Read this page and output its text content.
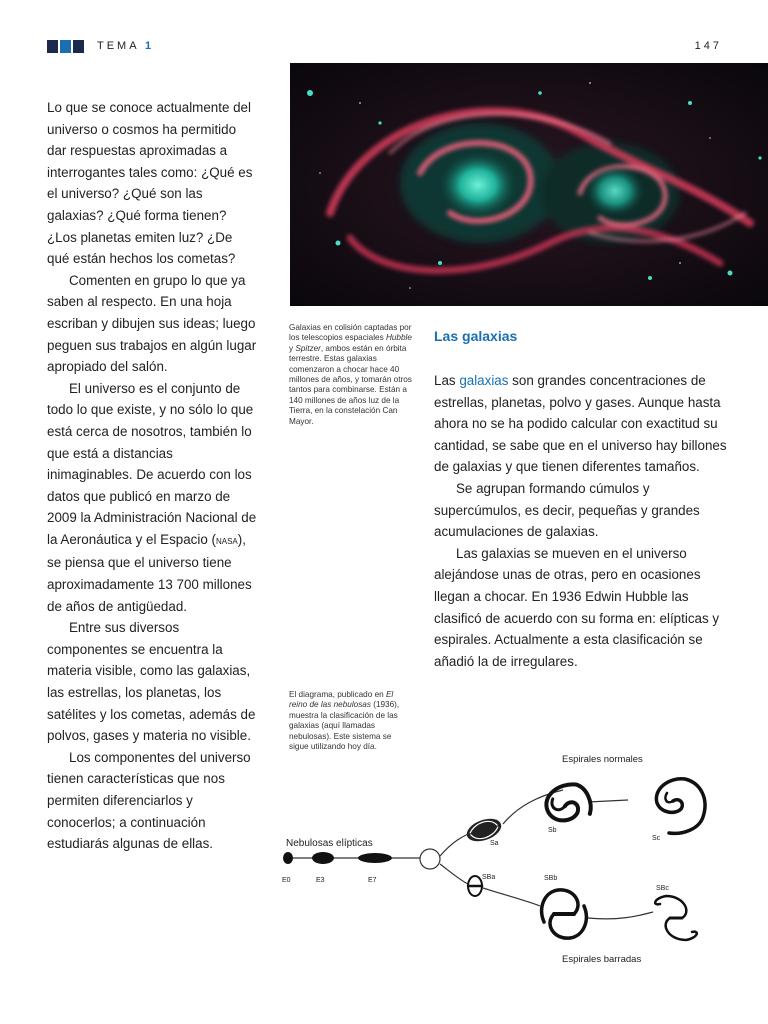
TEMA 1	147

Lo que se conoce actualmente del universo o cosmos ha permitido dar respuestas aproximadas a interrogantes tales como: ¿Qué es el universo? ¿Qué son las galaxias? ¿Qué forma tienen? ¿Los planetas emiten luz? ¿De qué están hechos los cometas?

Comenten en grupo lo que ya saben al respecto. En una hoja escriban y dibujen sus ideas; luego peguen sus trabajos en algún lugar apropiado del salón.

El universo es el conjunto de todo lo que existe, y no sólo lo que está cerca de nosotros, también lo que está a distancias inimaginables. De acuerdo con los datos que publicó en marzo de 2009 la Administración Nacional de la Aeronáutica y el Espacio (nasa), se piensa que el universo tiene aproximadamente 13 700 millones de años de antigüedad.

Entre sus diversos componentes se encuentra la materia visible, como las galaxias, las estrellas, los planetas, los satélites y los cometas, además de polvos, gases y materia no visible.

Los componentes del universo tienen características que nos permiten diferenciarlos y conocerlos; a continuación estudiarás algunas de ellas.

Galaxias en colisión captadas por los telescopios espaciales Hubble y Spitzer, ambos están en órbita terrestre. Estas galaxias comenzaron a chocar hace 40 millones de años, y tomarán otros tantos para combinarse. Están a 140 millones de años luz de la Tierra, en la constelación Can Mayor.
Las galaxias

Las galaxias son grandes concentraciones de estrellas, planetas, polvo y gases. Aunque hasta ahora no se ha podido calcular con exactitud su cantidad, se sabe que en el universo hay billones de galaxias y que tienen diferentes tamaños.

Se agrupan formando cúmulos y supercúmulos, es decir, pequeñas y grandes acumulaciones de galaxias.

Las galaxias se mueven en el universo alejándose unas de otras, pero en ocasiones llegan a chocar. En 1936 Edwin Hubble las clasificó de acuerdo con su forma en: elípticas y espirales. Actualmente a esta clasificación se añadió la de irregulares.

El diagrama, publicado en El reino de las nebulosas (1936), muestra la clasificación de las galaxias (aquí llamadas nebulosas). Este sistema se sigue utilizando hoy día.
Espirales normales
Nebulosas elípticas
Espirales barradas
E0	E3	E7
Sa
Sb
Sc
SBa	SBb
SBc
